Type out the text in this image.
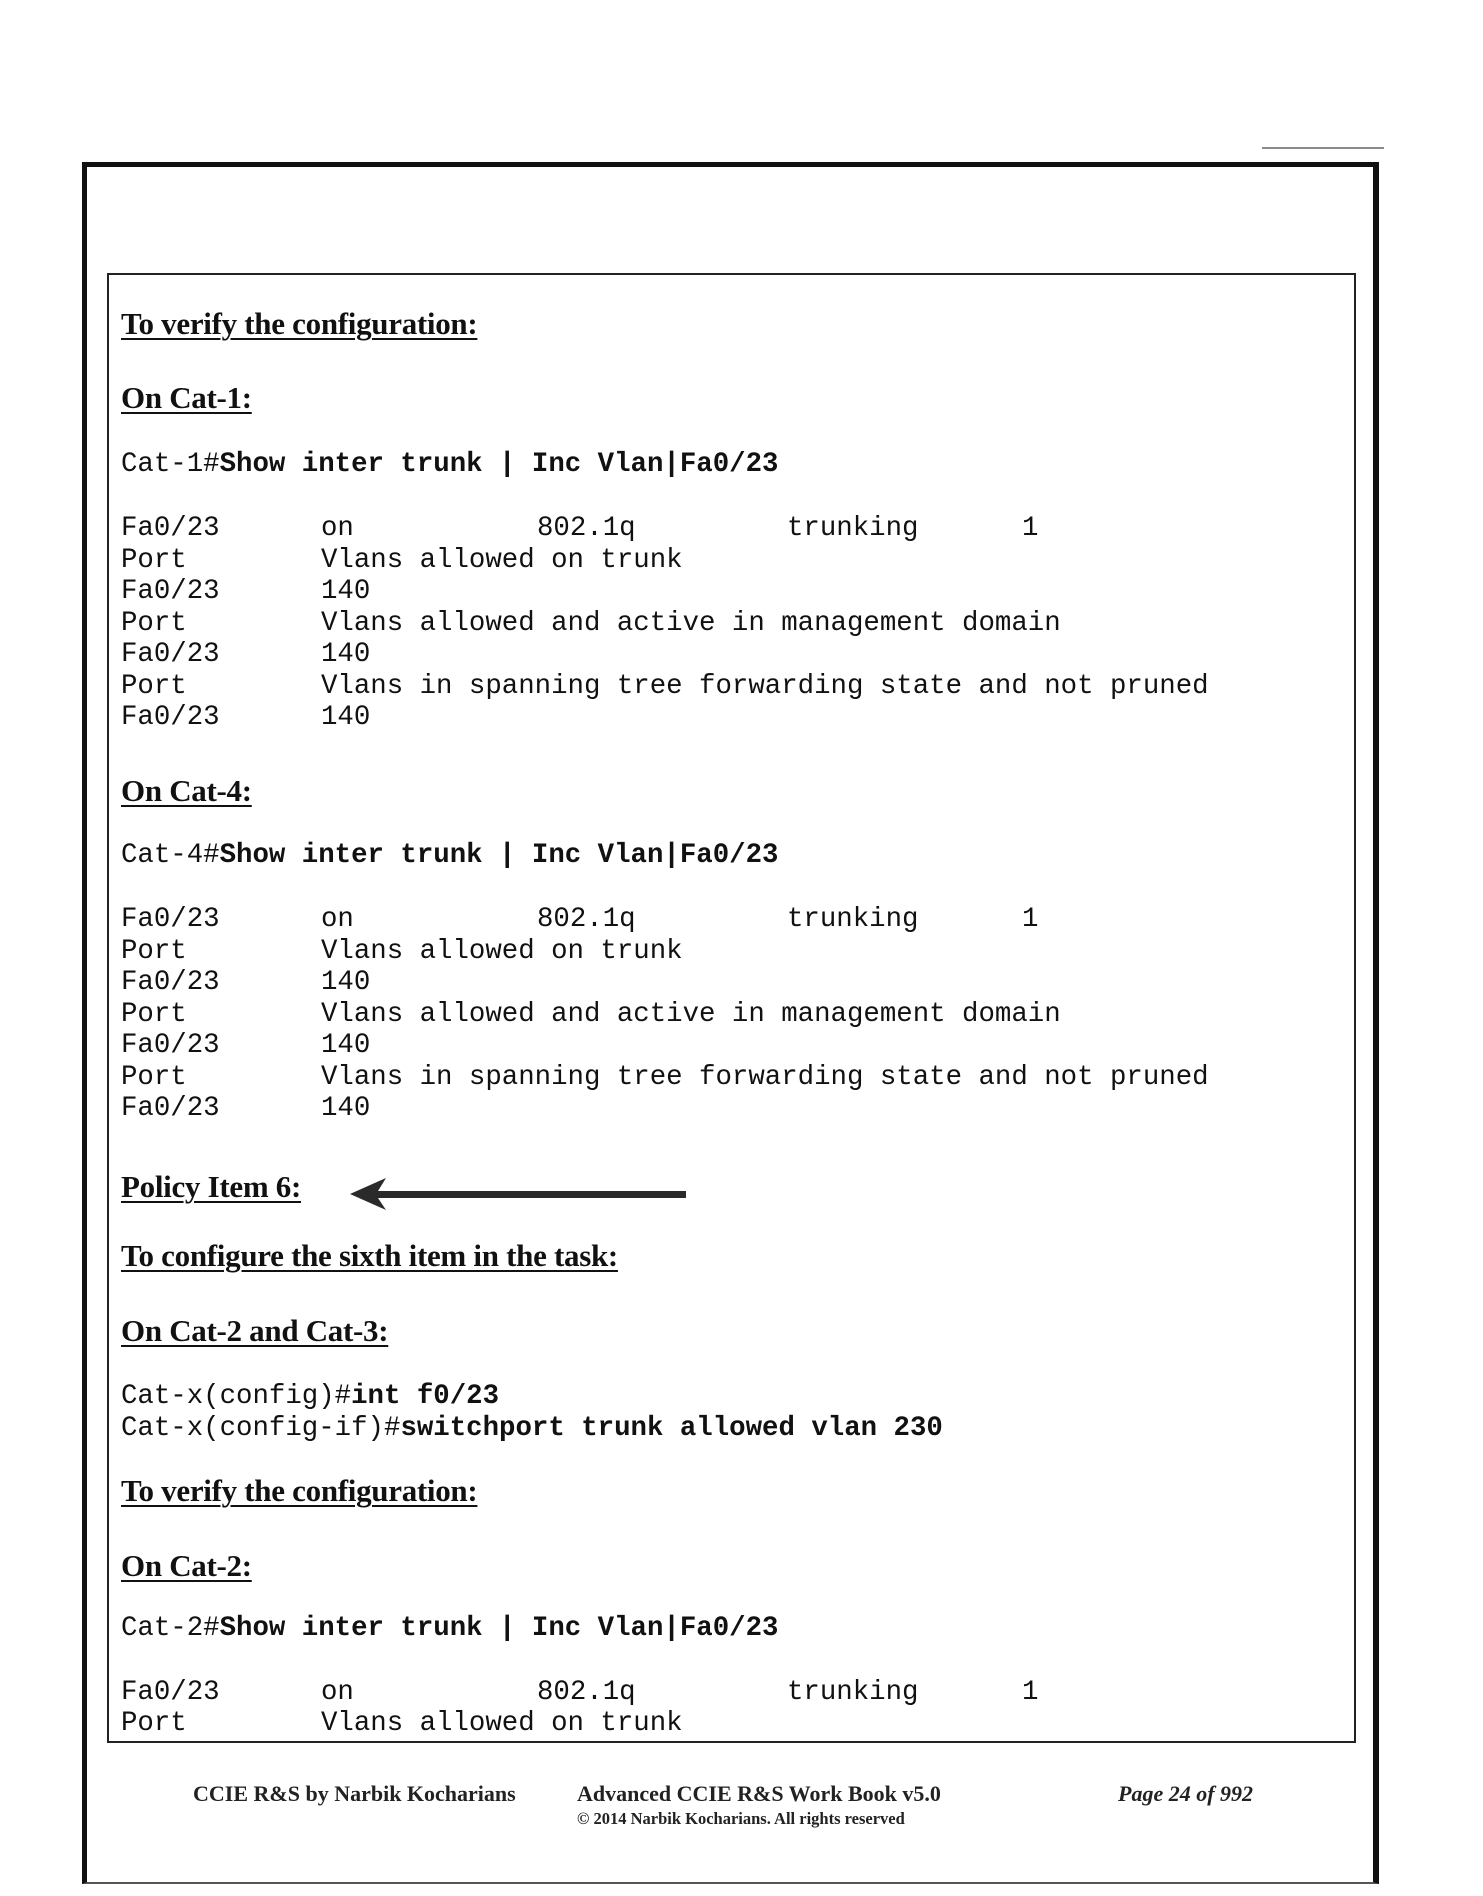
To verify the configuration:
On Cat-1:
Cat-1#Show inter trunk | Inc Vlan|Fa0/23
Fa0/23	on	802.1q	trunking	1
Port	Vlans allowed on trunk
Fa0/23	140
Port	Vlans allowed and active in management domain
Fa0/23	140
Port	Vlans in spanning tree forwarding state and not pruned
Fa0/23	140
On Cat-4:
Cat-4#Show inter trunk | Inc Vlan|Fa0/23
Fa0/23	on	802.1q	trunking	1
Port	Vlans allowed on trunk
Fa0/23	140
Port	Vlans allowed and active in management domain
Fa0/23	140
Port	Vlans in spanning tree forwarding state and not pruned
Fa0/23	140
Policy Item 6:
To configure the sixth item in the task:
On Cat-2 and Cat-3:
Cat-x(config)#int f0/23
Cat-x(config-if)#switchport trunk allowed vlan 230
To verify the configuration:
On Cat-2:
Cat-2#Show inter trunk | Inc Vlan|Fa0/23
Fa0/23	on	802.1q	trunking	1
Port	Vlans allowed on trunk
CCIE R&S by Narbik Kocharians	Advanced CCIE R&S Work Book v5.0
© 2014 Narbik Kocharians. All rights reserved
Page 24 of 992
